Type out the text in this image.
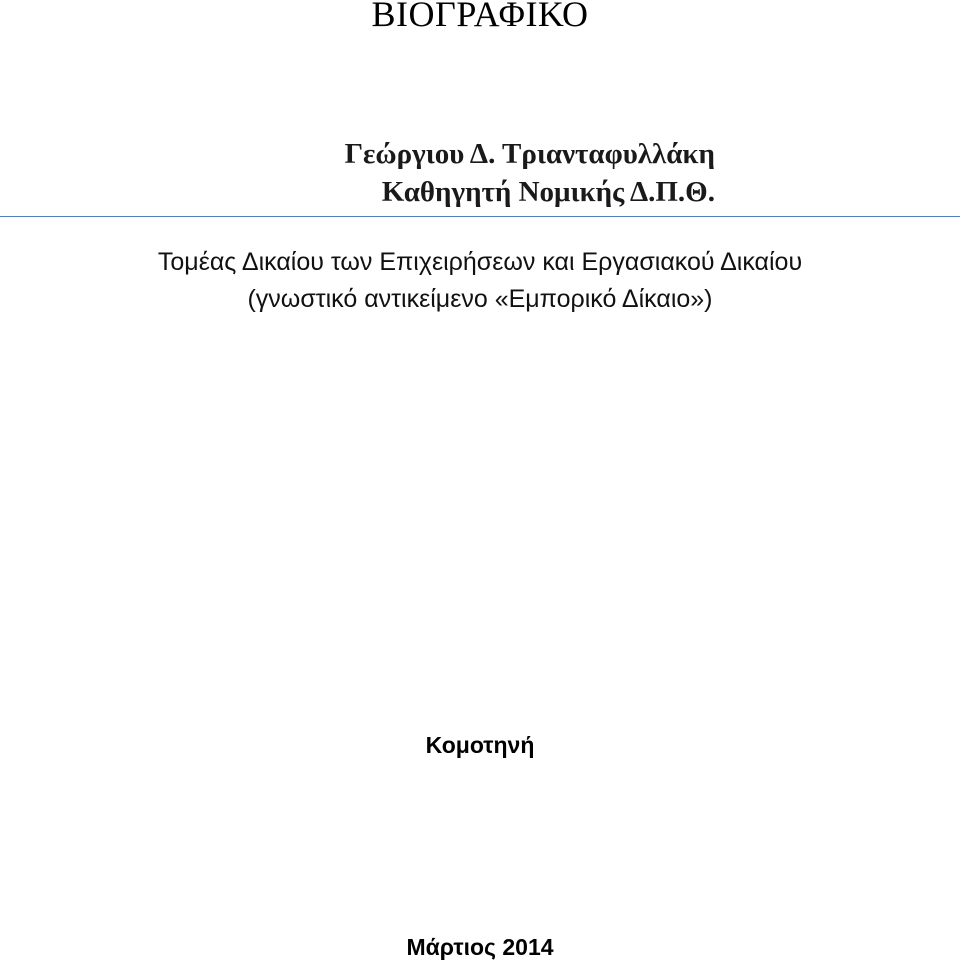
ΒΙΟΓΡΑΦΙΚΟ
Γεώργιου Δ. Τριανταφυλλάκη
Καθηγητή Νομικής Δ.Π.Θ.
Τομέας Δικαίου των Επιχειρήσεων και Εργασιακού Δικαίου
(γνωστικό αντικείμενο «Εμπορικό Δίκαιο»)
Κομοτηνή
Μάρτιος 2014
